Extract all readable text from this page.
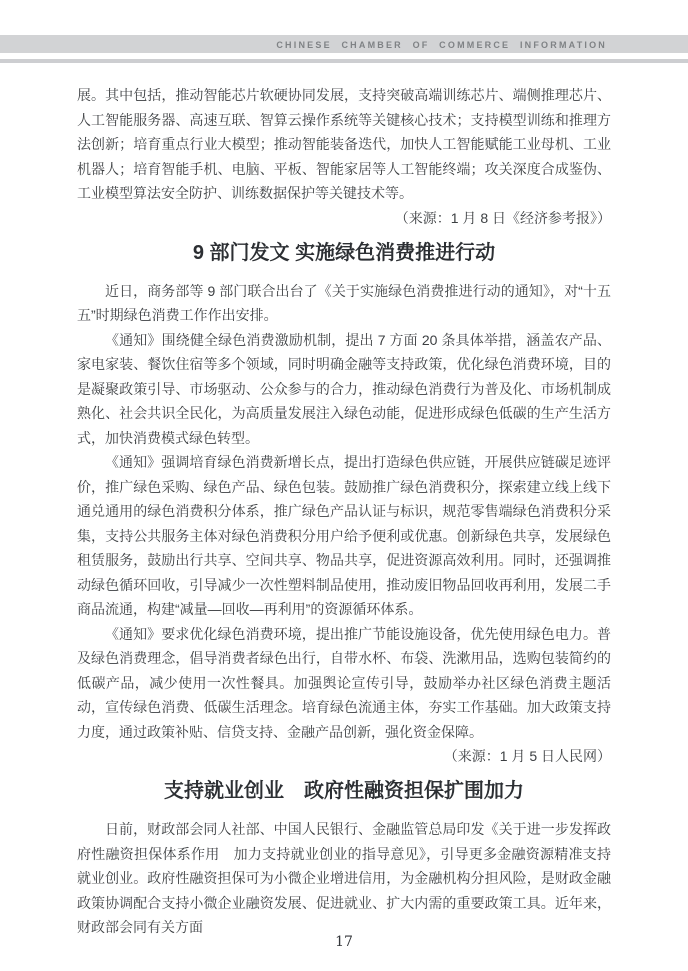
CHINESE CHAMBER OF COMMERCE INFORMATION

展。其中包括，推动智能芯片软硬协同发展，支持突破高端训练芯片、端侧推理芯片、人工智能服务器、高速互联、智算云操作系统等关键核心技术；支持模型训练和推理方法创新；培育重点行业大模型；推动智能装备迭代，加快人工智能赋能工业母机、工业机器人；培育智能手机、电脑、平板、智能家居等人工智能终端；攻关深度合成鉴伪、工业模型算法安全防护、训练数据保护等关键技术等。
（来源：1 月 8 日《经济参考报》）

9 部门发文 实施绿色消费推进行动

近日，商务部等 9 部门联合出台了《关于实施绿色消费推进行动的通知》，对“十五五”时期绿色消费工作作出安排。

《通知》围绕健全绿色消费激励机制，提出 7 方面 20 条具体举措，涵盖农产品、家电家装、餐饮住宿等多个领域，同时明确金融等支持政策，优化绿色消费环境，目的是凝聚政策引导、市场驱动、公众参与的合力，推动绿色消费行为普及化、市场机制成熟化、社会共识全民化，为高质量发展注入绿色动能，促进形成绿色低碳的生产生活方式，加快消费模式绿色转型。

《通知》强调培育绿色消费新增长点，提出打造绿色供应链，开展供应链碳足迹评价，推广绿色采购、绿色产品、绿色包装。鼓励推广绿色消费积分，探索建立线上线下通兑通用的绿色消费积分体系，推广绿色产品认证与标识，规范零售端绿色消费积分采集，支持公共服务主体对绿色消费积分用户给予便利或优惠。创新绿色共享，发展绿色租赁服务，鼓励出行共享、空间共享、物品共享，促进资源高效利用。同时，还强调推动绿色循环回收，引导减少一次性塑料制品使用，推动废旧物品回收再利用，发展二手商品流通，构建“减量—回收—再利用”的资源循环体系。

《通知》要求优化绿色消费环境，提出推广节能设施设备，优先使用绿色电力。普及绿色消费理念，倡导消费者绿色出行，自带水杯、布袋、洗漱用品，选购包装简约的低碳产品，减少使用一次性餐具。加强舆论宣传引导，鼓励举办社区绿色消费主题活动，宣传绿色消费、低碳生活理念。培育绿色流通主体，夯实工作基础。加大政策支持力度，通过政策补贴、信贷支持、金融产品创新，强化资金保障。
（来源：1 月 5 日人民网）

支持就业创业　政府性融资担保扩围加力

日前，财政部会同人社部、中国人民银行、金融监管总局印发《关于进一步发挥政府性融资担保体系作用　加力支持就业创业的指导意见》，引导更多金融资源精准支持就业创业。政府性融资担保可为小微企业增进信用，为金融机构分担风险，是财政金融政策协调配合支持小微企业融资发展、促进就业、扩大内需的重要政策工具。近年来，财政部会同有关方面

17
